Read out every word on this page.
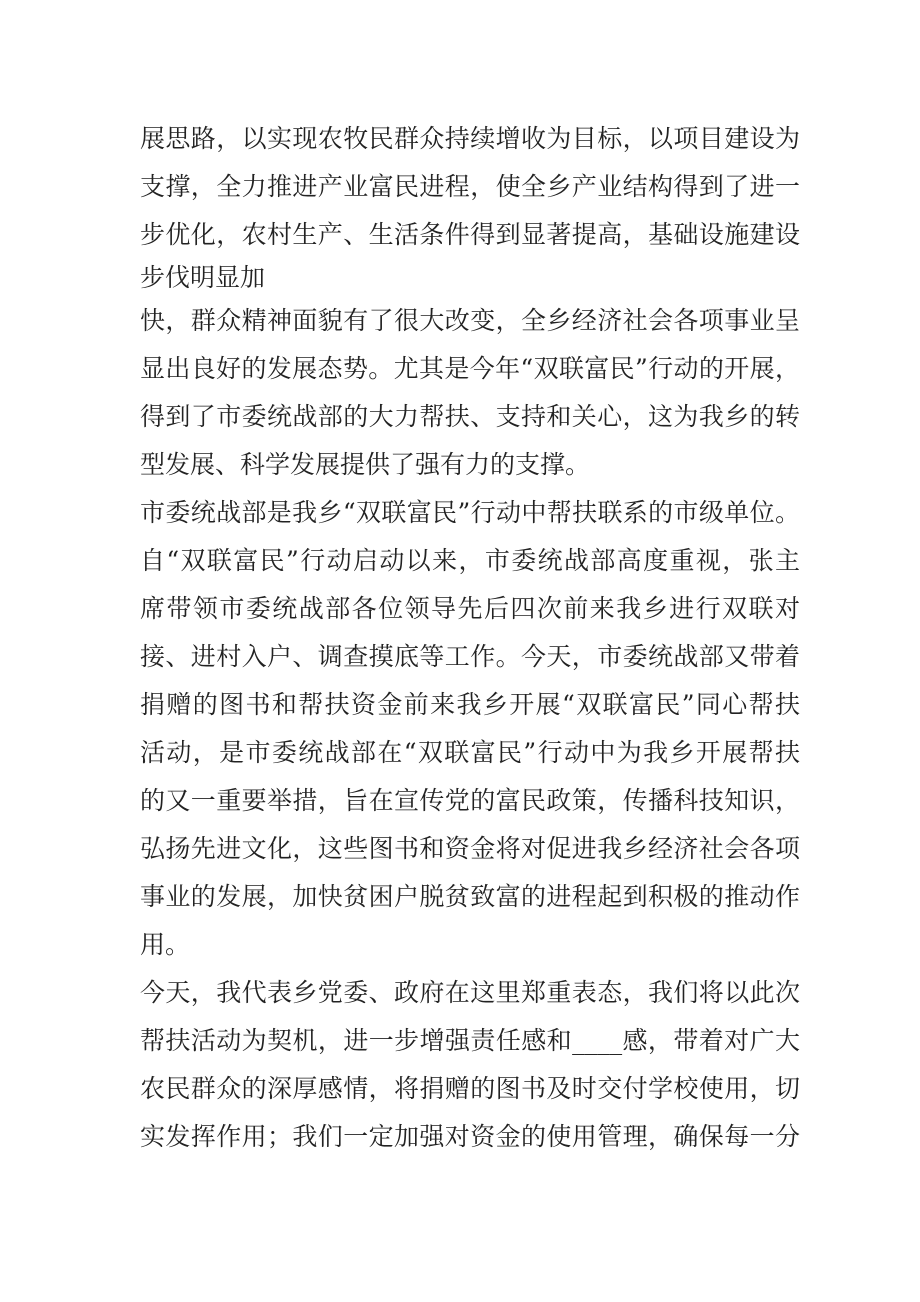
展思路，以实现农牧民群众持续增收为目标，以项目建设为
支撑，全力推进产业富民进程，使全乡产业结构得到了进一
步优化，农村生产、生活条件得到显著提高，基础设施建设
步伐明显加
快，群众精神面貌有了很大改变，全乡经济社会各项事业呈
显出良好的发展态势。尤其是今年“双联富民”行动的开展，
得到了市委统战部的大力帮扶、支持和关心，这为我乡的转
型发展、科学发展提供了强有力的支撑。
市委统战部是我乡“双联富民”行动中帮扶联系的市级单位。
自“双联富民”行动启动以来，市委统战部高度重视，张主
席带领市委统战部各位领导先后四次前来我乡进行双联对
接、进村入户、调查摸底等工作。今天，市委统战部又带着
捐赠的图书和帮扶资金前来我乡开展“双联富民”同心帮扶
活动，是市委统战部在“双联富民”行动中为我乡开展帮扶
的又一重要举措，旨在宣传党的富民政策，传播科技知识，
弘扬先进文化，这些图书和资金将对促进我乡经济社会各项
事业的发展，加快贫困户脱贫致富的进程起到积极的推动作
用。
今天，我代表乡党委、政府在这里郑重表态，我们将以此次
帮扶活动为契机，进一步增强责任感和____感，带着对广大
农民群众的深厚感情，将捐赠的图书及时交付学校使用，切
实发挥作用；我们一定加强对资金的使用管理，确保每一分
